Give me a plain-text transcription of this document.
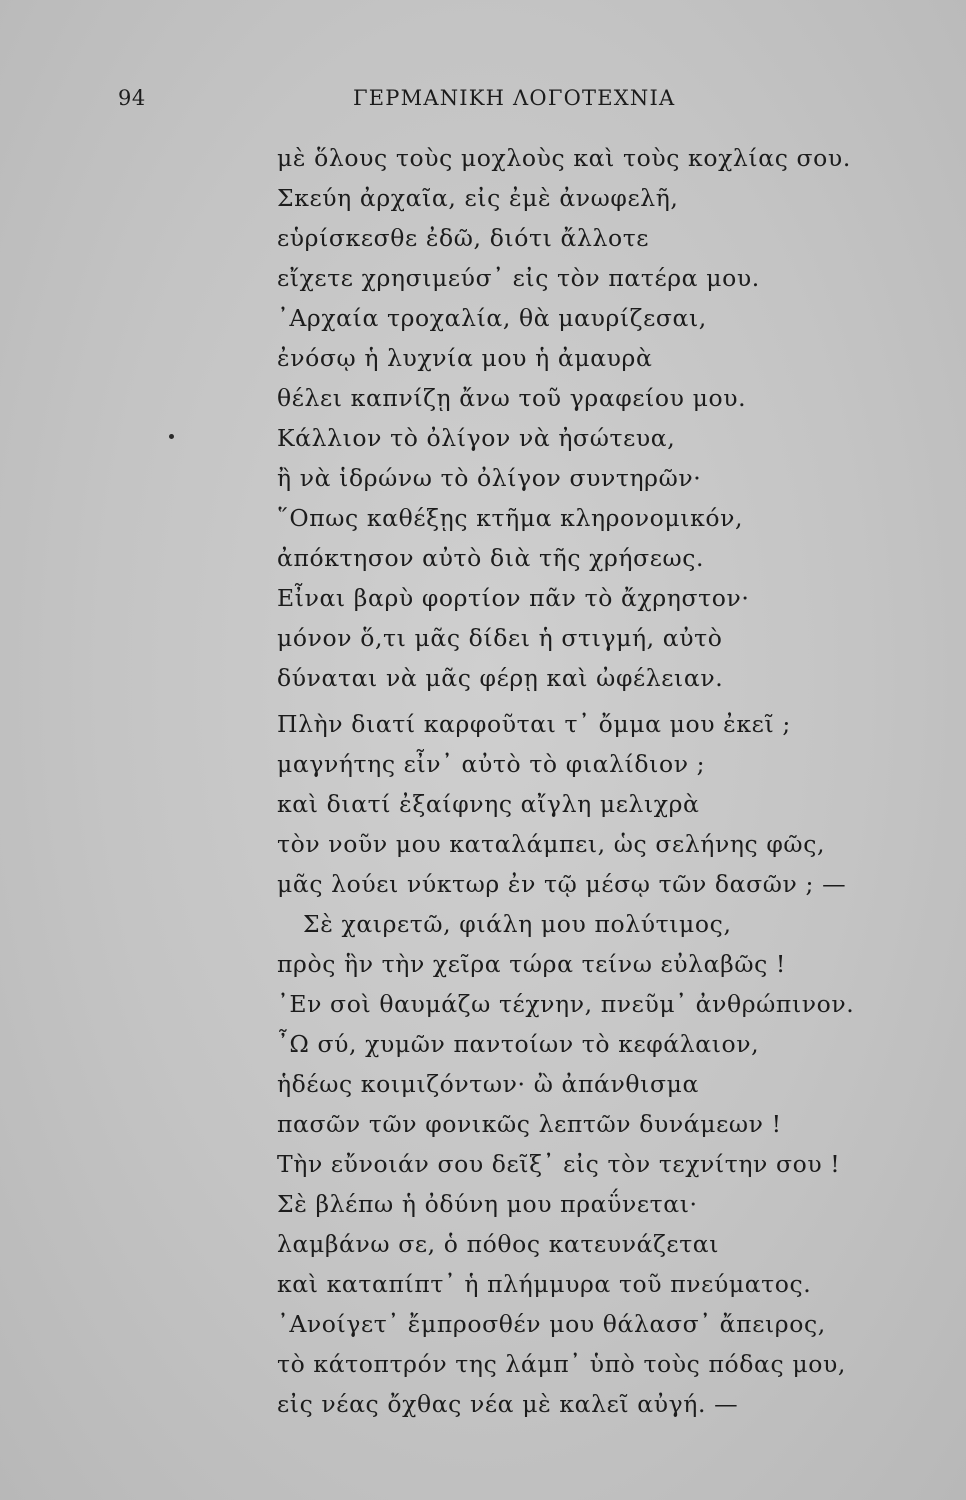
94	ΓΕΡΜΑΝΙΚΗ ΛΟΓΟΤΕΧΝΙΑ
μὲ ὅλους τοὺς μοχλοὺς καὶ τοὺς κοχλίας σου.
Σκεύη ἀρχαῖα, εἰς ἐμὲ ἀνωφελῆ,
εὑρίσκεσθε ἐδῶ, διότι ἄλλοτε
εἴχετε χρησιμεύσ᾽ εἰς τὸν πατέρα μου.
᾿Αρχαία τροχαλία, θὰ μαυρίζεσαι,
ἐνόσῳ ἡ λυχνία μου ἡ ἀμαυρὰ
θέλει καπνίζῃ ἄνω τοῦ γραφείου μου.
Κάλλιον τὸ ὀλίγον νὰ ἠσώτευα,
ἢ νὰ ἱδρώνω τὸ ὀλίγον συντηρῶν·
῞Οπως καθέξῃς κτῆμα κληρονομικόν,
ἀπόκτησον αὐτὸ διὰ τῆς χρήσεως.
Εἶναι βαρὺ φορτίον πᾶν τὸ ἄχρηστον·
μόνον ὅ,τι μᾶς δίδει ἡ στιγμή, αὐτὸ
δύναται νὰ μᾶς φέρῃ καὶ ὠφέλειαν.
Πλὴν διατί καρφοῦται τ᾽ ὄμμα μου ἐκεῖ ;
μαγνήτης εἶν᾽ αὐτὸ τὸ φιαλίδιον ;
καὶ διατί ἐξαίφνης αἴγλη μελιχρὰ
τὸν νοῦν μου καταλάμπει, ὡς σελήνης φῶς,
μᾶς λούει νύκτωρ ἐν τῷ μέσῳ τῶν δασῶν ; —
Σὲ χαιρετῶ, φιάλη μου πολύτιμος,
πρὸς ἣν τὴν χεῖρα τώρα τείνω εὐλαβῶς !
᾿Εν σοὶ θαυμάζω τέχνην, πνεῦμ᾽ ἀνθρώπινον.
῏Ω σύ, χυμῶν παντοίων τὸ κεφάλαιον,
ἡδέως κοιμιζόντων· ὢ ἀπάνθισμα
πασῶν τῶν φονικῶς λεπτῶν δυνάμεων !
Τὴν εὔνοιάν σου δεῖξ᾽ εἰς τὸν τεχνίτην σου !
Σὲ βλέπω ἡ ὀδύνη μου πραΰνεται·
λαμβάνω σε, ὁ πόθος κατευνάζεται
καὶ καταπίπτ᾽ ἡ πλήμμυρα τοῦ πνεύματος.
᾿Ανοίγετ᾽ ἔμπροσθέν μου θάλασσ᾽ ἄπειρος,
τὸ κάτοπτρόν της λάμπ᾽ ὑπὸ τοὺς πόδας μου,
εἰς νέας ὄχθας νέα μὲ καλεῖ αὐγή. —
